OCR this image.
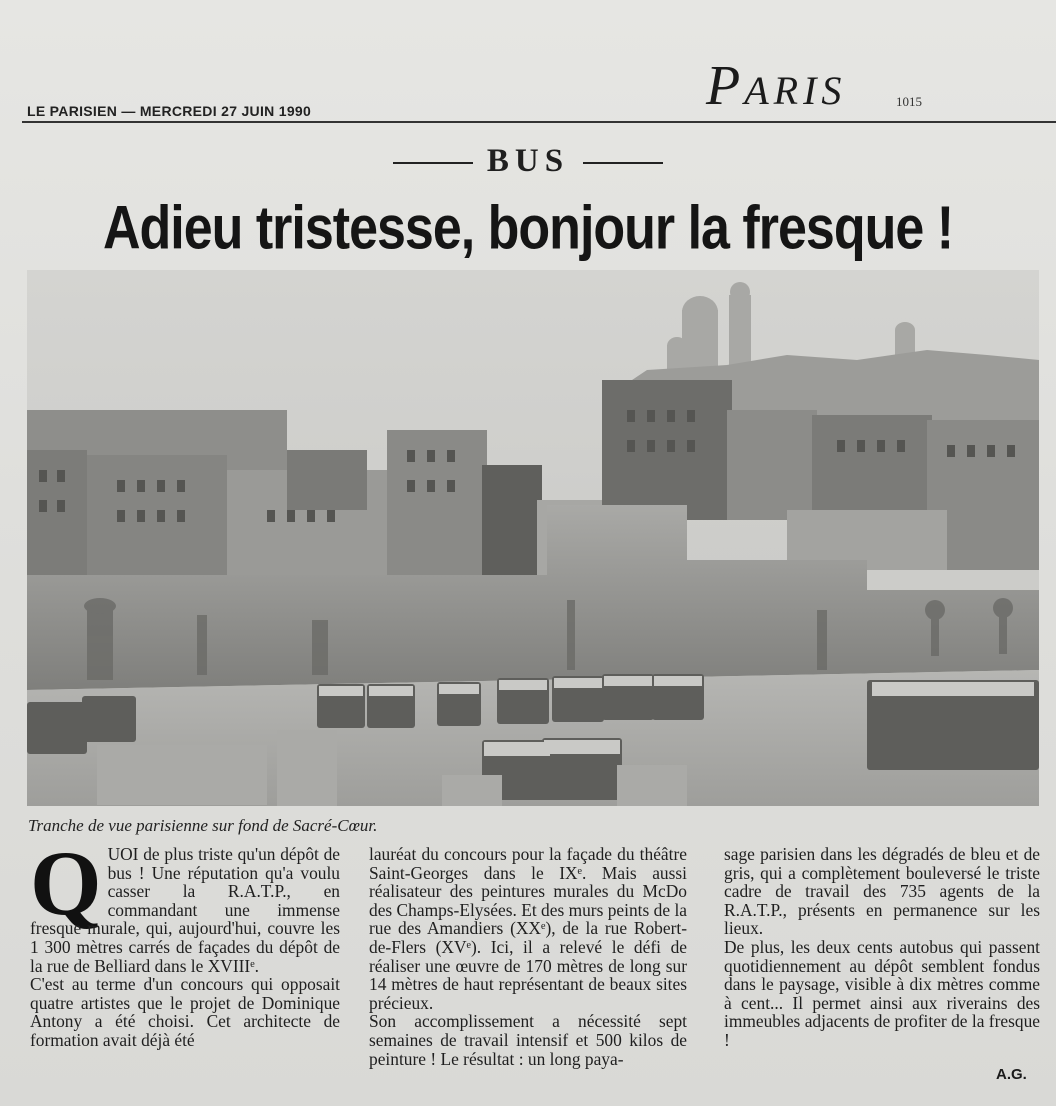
LE PARISIEN — MERCREDI 27 JUIN 1990	PARIS	1015
BUS
Adieu tristesse, bonjour la fresque !
Tranche de vue parisienne sur fond de Sacré-Cœur.
Q UOI de plus triste qu'un dépôt de bus ! Une réputation qu'a voulu casser la R.A.T.P., en commandant une immense fresque murale, qui, aujourd'hui, couvre les 1 300 mètres carrés de façades du dépôt de la rue de Belliard dans le XVIIIᵉ.

C'est au terme d'un concours qui opposait quatre artistes que le projet de Dominique Antony a été choisi. Cet architecte de formation avait déjà été

lauréat du concours pour la façade du théâtre Saint-Georges dans le IXᵉ. Mais aussi réalisateur des peintures murales du McDo des Champs-Elysées. Et des murs peints de la rue des Amandiers (XXᵉ), de la rue Robert-de-Flers (XVᵉ). Ici, il a relevé le défi de réaliser une œuvre de 170 mètres de long sur 14 mètres de haut représentant de beaux sites précieux.

Son accomplissement a nécessité sept semaines de travail intensif et 500 kilos de peinture ! Le résultat : un long paya-

sage parisien dans les dégradés de bleu et de gris, qui a complètement bouleversé le triste cadre de travail des 735 agents de la R.A.T.P., présents en permanence sur les lieux.

De plus, les deux cents autobus qui passent quotidiennement au dépôt semblent fondus dans le paysage, visible à dix mètres comme à cent... Il permet ainsi aux riverains des immeubles adjacents de profiter de la fresque !

A.G.
